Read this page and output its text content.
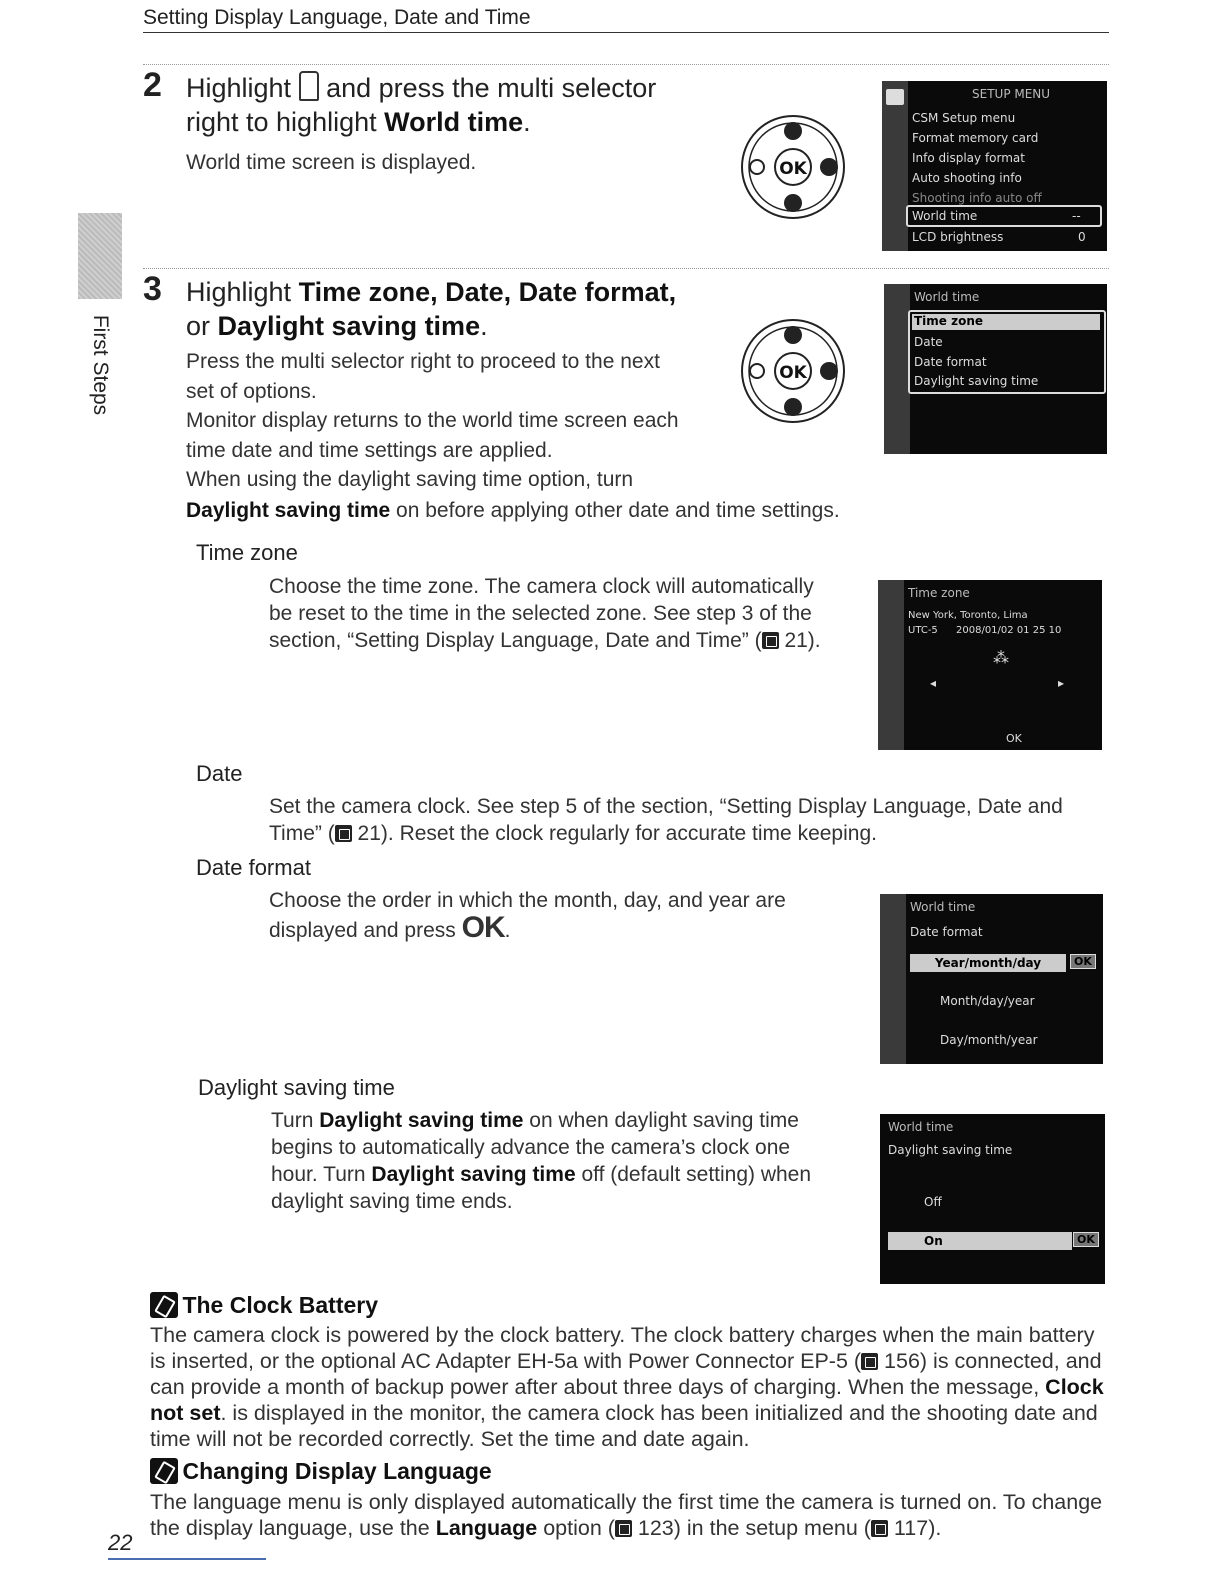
Setting Display Language, Date and Time
First Steps
2 Highlight  and press the multi selector
right to highlight World time.
World time screen is displayed.	OK
SETUP MENU
CSM Setup menu
Format memory card
Info display format
Auto shooting info
Shooting info auto off
World time	--
LCD brightness	0
3 Highlight Time zone, Date, Date format,
or Daylight saving time.
Press the multi selector right to proceed to the next
set of options.
Monitor display returns to the world time screen each
time date and time settings are applied.
When using the daylight saving time option, turn
Daylight saving time on before applying other date and time settings.
OK
World time
Time zone
Date
Date format
Daylight saving time
Time zone
Choose the time zone. The camera clock will automatically
be reset to the time in the selected zone. See step 3 of the
section, “Setting Display Language, Date and Time” ( 21).
Time zone
New York, Toronto, Lima
UTC-5 2008/01/02 01 25 10
◂	▸
⁂
OK
Date
Set the camera clock. See step 5 of the section, “Setting Display Language, Date and
Time” ( 21). Reset the clock regularly for accurate time keeping.
Date format
Choose the order in which the month, day, and year are
displayed and press OK.
World time
Date format
Year/month/day	OK
Month/day/year
Day/month/year
Daylight saving time
Turn Daylight saving time on when daylight saving time
begins to automatically advance the camera’s clock one
hour. Turn Daylight saving time off (default setting) when
daylight saving time ends.
World time
Daylight saving time
Off
On	OK
The Clock Battery
The camera clock is powered by the clock battery. The clock battery charges when the main battery
is inserted, or the optional AC Adapter EH-5a with Power Connector EP-5 ( 156) is connected, and
can provide a month of backup power after about three days of charging. When the message, Clock
not set. is displayed in the monitor, the camera clock has been initialized and the shooting date and
time will not be recorded correctly. Set the time and date again.
Changing Display Language
The language menu is only displayed automatically the first time the camera is turned on. To change
the display language, use the Language option ( 123) in the setup menu ( 117).
22
